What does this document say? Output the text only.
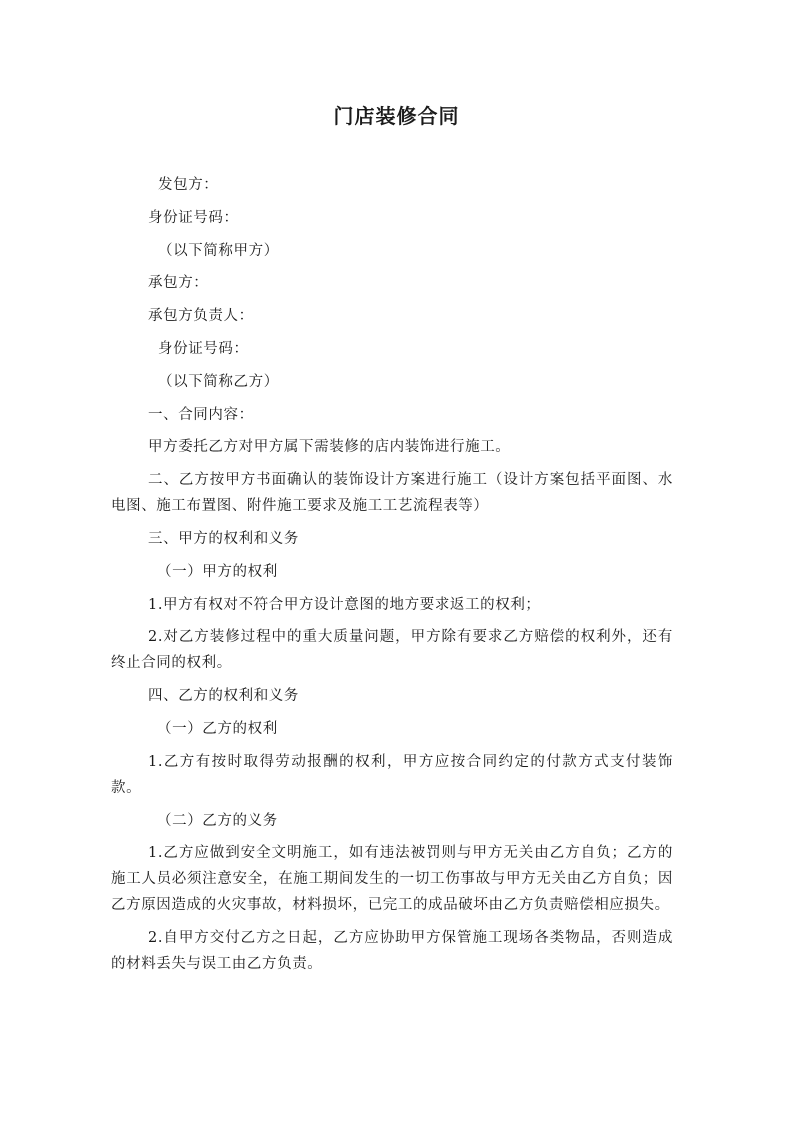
门店装修合同

发包方：

身份证号码：

（以下简称甲方）

承包方：

承包方负责人：

身份证号码：

（以下简称乙方）

一、合同内容：

甲方委托乙方对甲方属下需装修的店内装饰进行施工。

二、乙方按甲方书面确认的装饰设计方案进行施工（设计方案包括平面图、水电图、施工布置图、附件施工要求及施工工艺流程表等）

三、甲方的权利和义务

（一）甲方的权利

1.甲方有权对不符合甲方设计意图的地方要求返工的权利；

2.对乙方装修过程中的重大质量问题，甲方除有要求乙方赔偿的权利外，还有终止合同的权利。

四、乙方的权利和义务

（一）乙方的权利

1.乙方有按时取得劳动报酬的权利，甲方应按合同约定的付款方式支付装饰款。

（二）乙方的义务

1.乙方应做到安全文明施工，如有违法被罚则与甲方无关由乙方自负；乙方的施工人员必须注意安全，在施工期间发生的一切工伤事故与甲方无关由乙方自负；因乙方原因造成的火灾事故，材料损坏，已完工的成品破坏由乙方负责赔偿相应损失。

2.自甲方交付乙方之日起，乙方应协助甲方保管施工现场各类物品，否则造成的材料丢失与误工由乙方负责。
